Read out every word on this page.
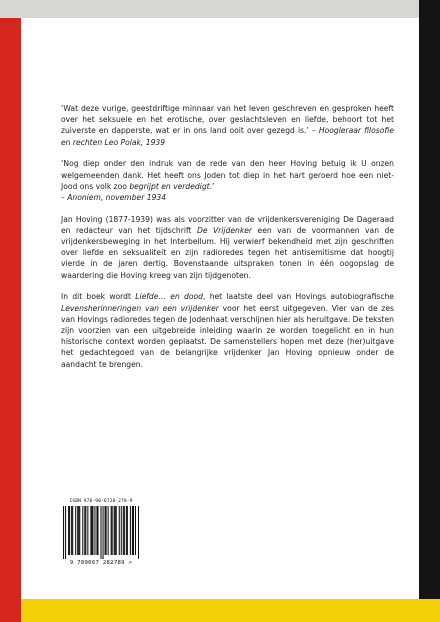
‘Wat deze vurige, geestdriftige minnaar van het leven geschreven en gesproken heeft over het seksuele en het erotische, over geslachtsleven en liefde, behoort tot het zuiverste en dapperste, wat er in ons land ooit over gezegd is.’ – Hoogleraar filosofie en rechten Leo Polak, 1939

‘Nog diep onder den indruk van de rede van den heer Hoving betuig ik U onzen welgemeenden dank. Het heeft ons Joden tot diep in het hart geroerd hoe een niet-Jood ons volk zoo begrijpt en verdedigt.’
– Anoniem, november 1934

Jan Hoving (1877-1939) was als voorzitter van de vrijdenkersvereniging De Dageraad en redacteur van het tijdschrift De Vrijdenker een van de voormannen van de vrijdenkersbeweging in het Interbellum. Hij verwierf bekendheid met zijn geschriften over liefde en seksualiteit en zijn radioredes tegen het antisemitisme dat hoogtij vierde in de jaren dertig. Bovenstaande uitspraken tonen in één oogopslag de waardering die Hoving kreeg van zijn tijdgenoten.

In dit boek wordt Liefde… en dood, het laatste deel van Hovings autobiografische Levensherinneringen van een vrijdenker voor het eerst uitgegeven. Vier van de zes van Hovings radioredes tegen de Jodenhaat verschijnen hier als heruitgave. De teksten zijn voorzien van een uitgebreide inleiding waarin ze worden toegelicht en in hun historische context worden geplaatst. De samenstellers hopen met deze (her)uitgave het gedachtegoed van de belangrijke vrijdenker Jan Hoving opnieuw onder de aandacht te brengen.

ISBN 978-90-6728-278-9
9 789067 282789 >
